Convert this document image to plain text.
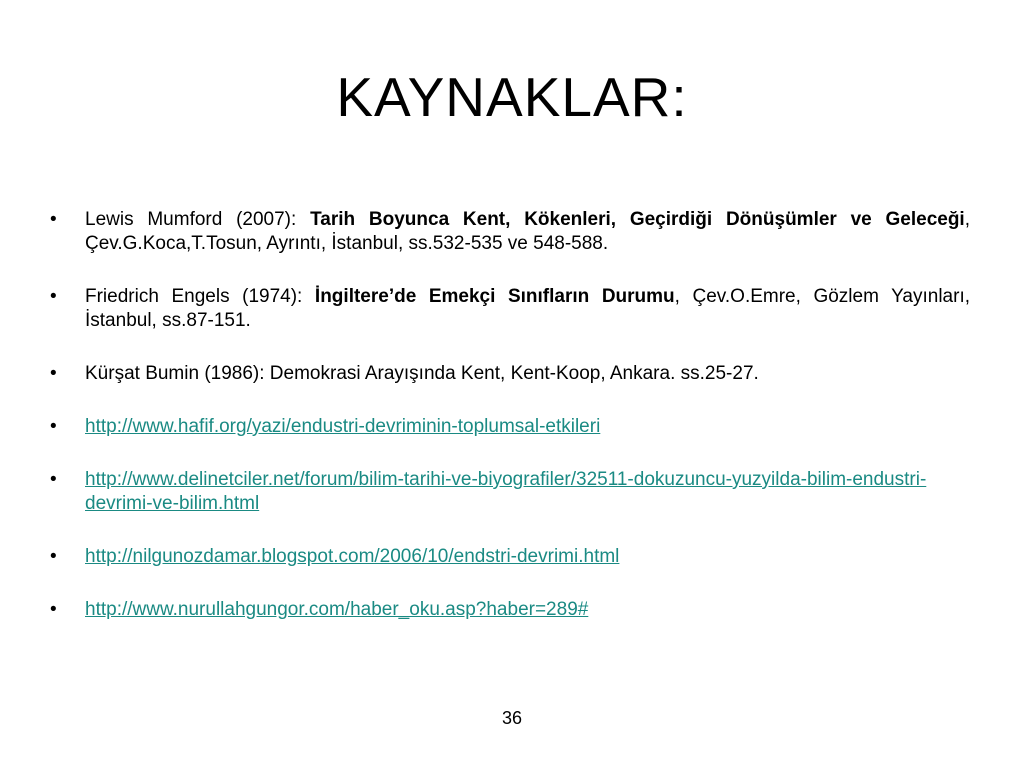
KAYNAKLAR:
•	Lewis Mumford (2007): Tarih Boyunca Kent, Kökenleri, Geçirdiği Dönüşümler ve Geleceği, Çev.G.Koca,T.Tosun, Ayrıntı, İstanbul, ss.532-535 ve 548-588.
•	Friedrich Engels (1974): İngiltere’de Emekçi Sınıfların Durumu, Çev.O.Emre, Gözlem Yayınları, İstanbul, ss.87-151.
•	Kürşat Bumin (1986): Demokrasi Arayışında Kent, Kent-Koop, Ankara. ss.25-27.
•	http://www.hafif.org/yazi/endustri-devriminin-toplumsal-etkileri
•	http://www.delinetciler.net/forum/bilim-tarihi-ve-biyografiler/32511-dokuzuncu-yuzyilda-bilim-endustri-devrimi-ve-bilim.html
•	http://nilgunozdamar.blogspot.com/2006/10/endstri-devrimi.html
•	http://www.nurullahgungor.com/haber_oku.asp?haber=289#
36
